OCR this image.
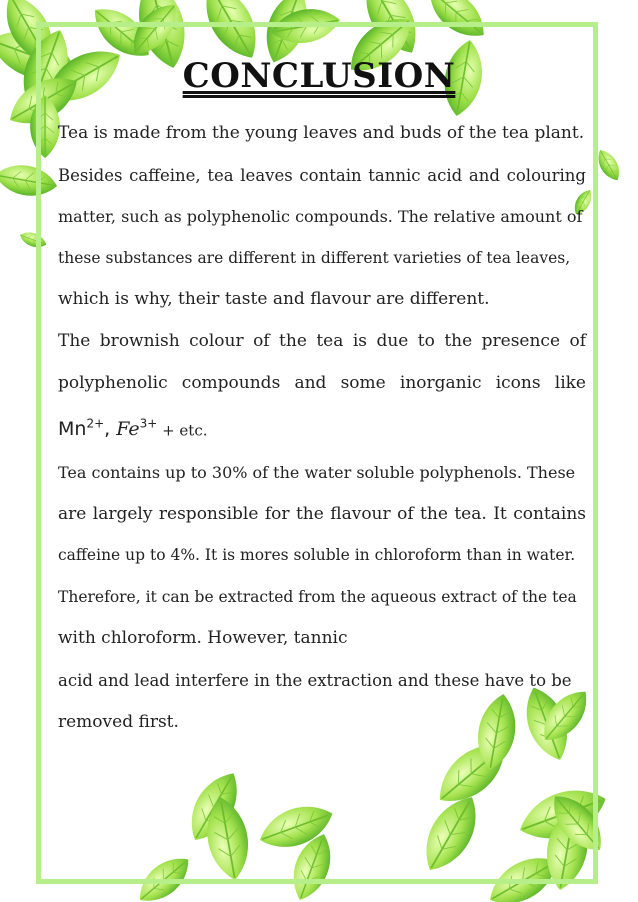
CONCLUSION
Tea is made from the young leaves and buds of the tea plant.
Besides caffeine, tea leaves contain tannic acid and colouring
matter, such as polyphenolic compounds. The relative amount of
these substances are different in different varieties of tea leaves,
which is why, their taste and flavour are different.
The brownish colour of the tea is due to the presence of
polyphenolic compounds and some inorganic icons like
$Mn^{2+}$, $Fe^{3+}$ + etc.
Tea contains up to 30% of the water soluble polyphenols. These
are largely responsible for the flavour of the tea. It contains
caffeine up to 4%. It is mores soluble in chloroform than in water.
Therefore, it can be extracted from the aqueous extract of the tea
with chloroform. However, tannic
acid and lead interfere in the extraction and these have to be
removed first.
